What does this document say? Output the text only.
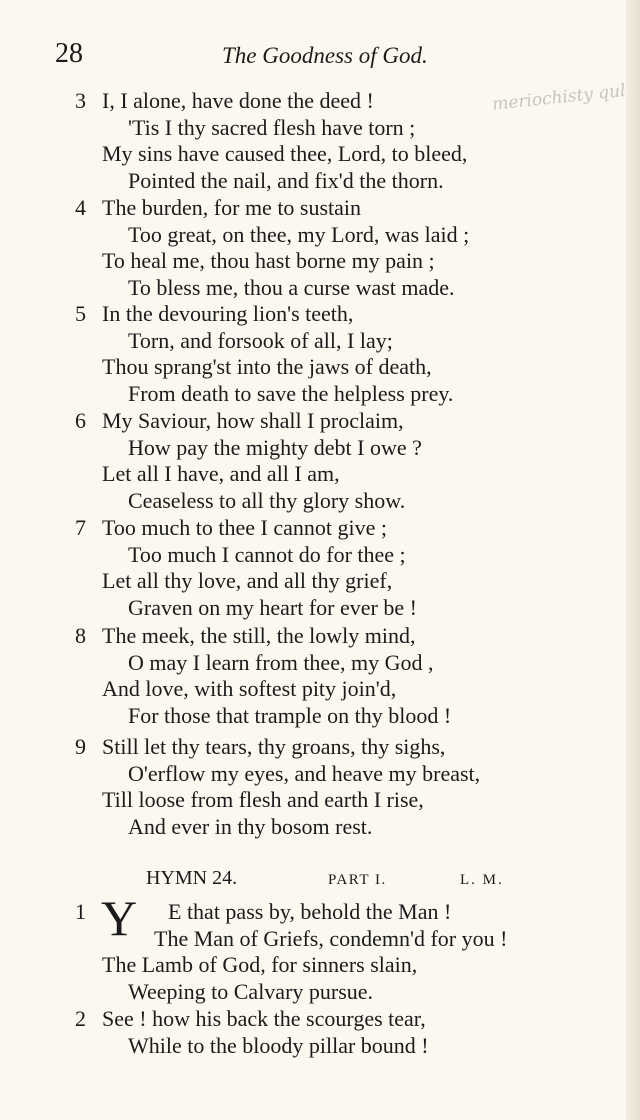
28	The Goodness of God.
meriochisty qul
3 I, I alone, have done the deed !
'Tis I thy sacred flesh have torn ;
My sins have caused thee, Lord, to bleed,
Pointed the nail, and fix'd the thorn.
4 The burden, for me to sustain
Too great, on thee, my Lord, was laid ;
To heal me, thou hast borne my pain ;
To bless me, thou a curse wast made.
5 In the devouring lion's teeth,
Torn, and forsook of all, I lay;
Thou sprang'st into the jaws of death,
From death to save the helpless prey.
6 My Saviour, how shall I proclaim,
How pay the mighty debt I owe ?
Let all I have, and all I am,
Ceaseless to all thy glory show.
7 Too much to thee I cannot give ;
Too much I cannot do for thee ;
Let all thy love, and all thy grief,
Graven on my heart for ever be !
8 The meek, the still, the lowly mind,
O may I learn from thee, my God ,
And love, with softest pity join'd,
For those that trample on thy blood !
9 Still let thy tears, thy groans, thy sighs,
O'erflow my eyes, and heave my breast,
Till loose from flesh and earth I rise,
And ever in thy bosom rest.
HYMN 24.	PART I.	L. M.
Y
1	E that pass by, behold the Man !
The Man of Griefs, condemn'd for you !
The Lamb of God, for sinners slain,
Weeping to Calvary pursue.
2 See ! how his back the scourges tear,
While to the bloody pillar bound !
